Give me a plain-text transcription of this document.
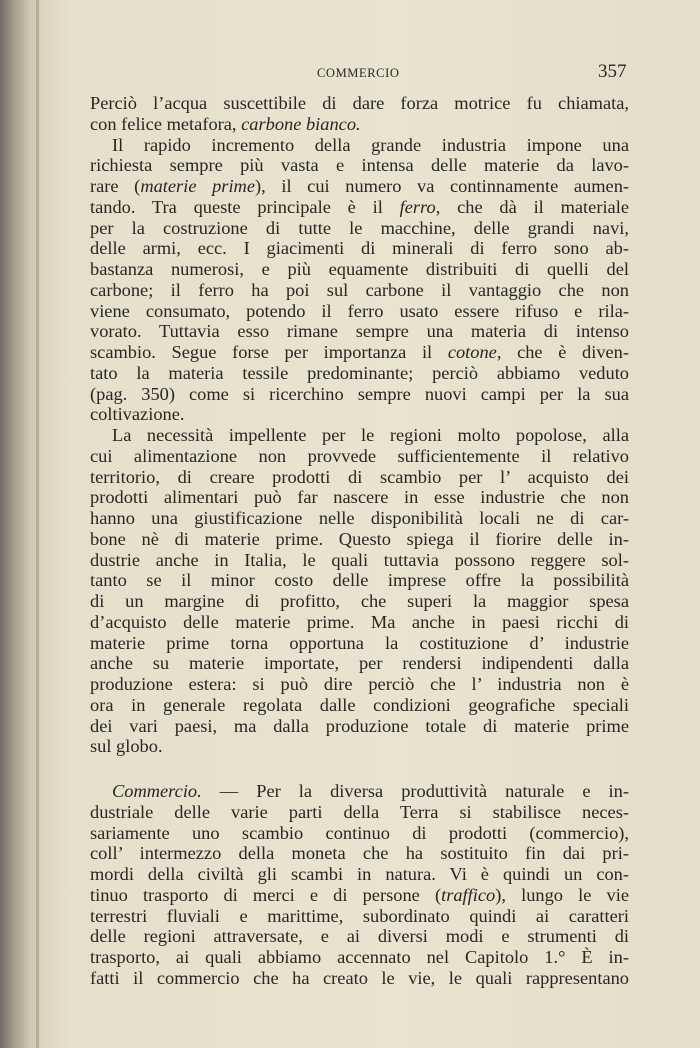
COMMERCIO	357
Perciò l’acqua suscettibile di dare forza motrice fu chiamata,
con felice metafora, carbone bianco.
Il rapido incremento della grande industria impone una
richiesta sempre più vasta e intensa delle materie da lavo-
rare (materie prime), il cui numero va continnamente aumen-
tando. Tra queste principale è il ferro, che dà il materiale
per la costruzione di tutte le macchine, delle grandi navi,
delle armi, ecc. I giacimenti di minerali di ferro sono ab-
bastanza numerosi, e più equamente distribuiti di quelli del
carbone; il ferro ha poi sul carbone il vantaggio che non
viene consumato, potendo il ferro usato essere rifuso e rila-
vorato. Tuttavia esso rimane sempre una materia di intenso
scambio. Segue forse per importanza il cotone, che è diven-
tato la materia tessile predominante; perciò abbiamo veduto
(pag. 350) come si ricerchino sempre nuovi campi per la sua
coltivazione.
La necessità impellente per le regioni molto popolose, alla
cui alimentazione non provvede sufficientemente il relativo
territorio, di creare prodotti di scambio per l’ acquisto dei
prodotti alimentari può far nascere in esse industrie che non
hanno una giustificazione nelle disponibilità locali ne di car-
bone nè di materie prime. Questo spiega il fiorire delle in-
dustrie anche in Italia, le quali tuttavia possono reggere sol-
tanto se il minor costo delle imprese offre la possibilità
di un margine di profitto, che superi la maggior spesa
d’acquisto delle materie prime. Ma anche in paesi ricchi di
materie prime torna opportuna la costituzione d’ industrie
anche su materie importate, per rendersi indipendenti dalla
produzione estera: si può dire perciò che l’ industria non è
ora in generale regolata dalle condizioni geografiche speciali
dei vari paesi, ma dalla produzione totale di materie prime
sul globo.
Commercio. — Per la diversa produttività naturale e in-
dustriale delle varie parti della Terra si stabilisce neces-
sariamente uno scambio continuo di prodotti (commercio),
coll’ intermezzo della moneta che ha sostituito fin dai pri-
mordi della civiltà gli scambi in natura. Vi è quindi un con-
tinuo trasporto di merci e di persone (traffico), lungo le vie
terrestri fluviali e marittime, subordinato quindi ai caratteri
delle regioni attraversate, e ai diversi modi e strumenti di
trasporto, ai quali abbiamo accennato nel Capitolo 1.° È in-
fatti il commercio che ha creato le vie, le quali rappresentano
